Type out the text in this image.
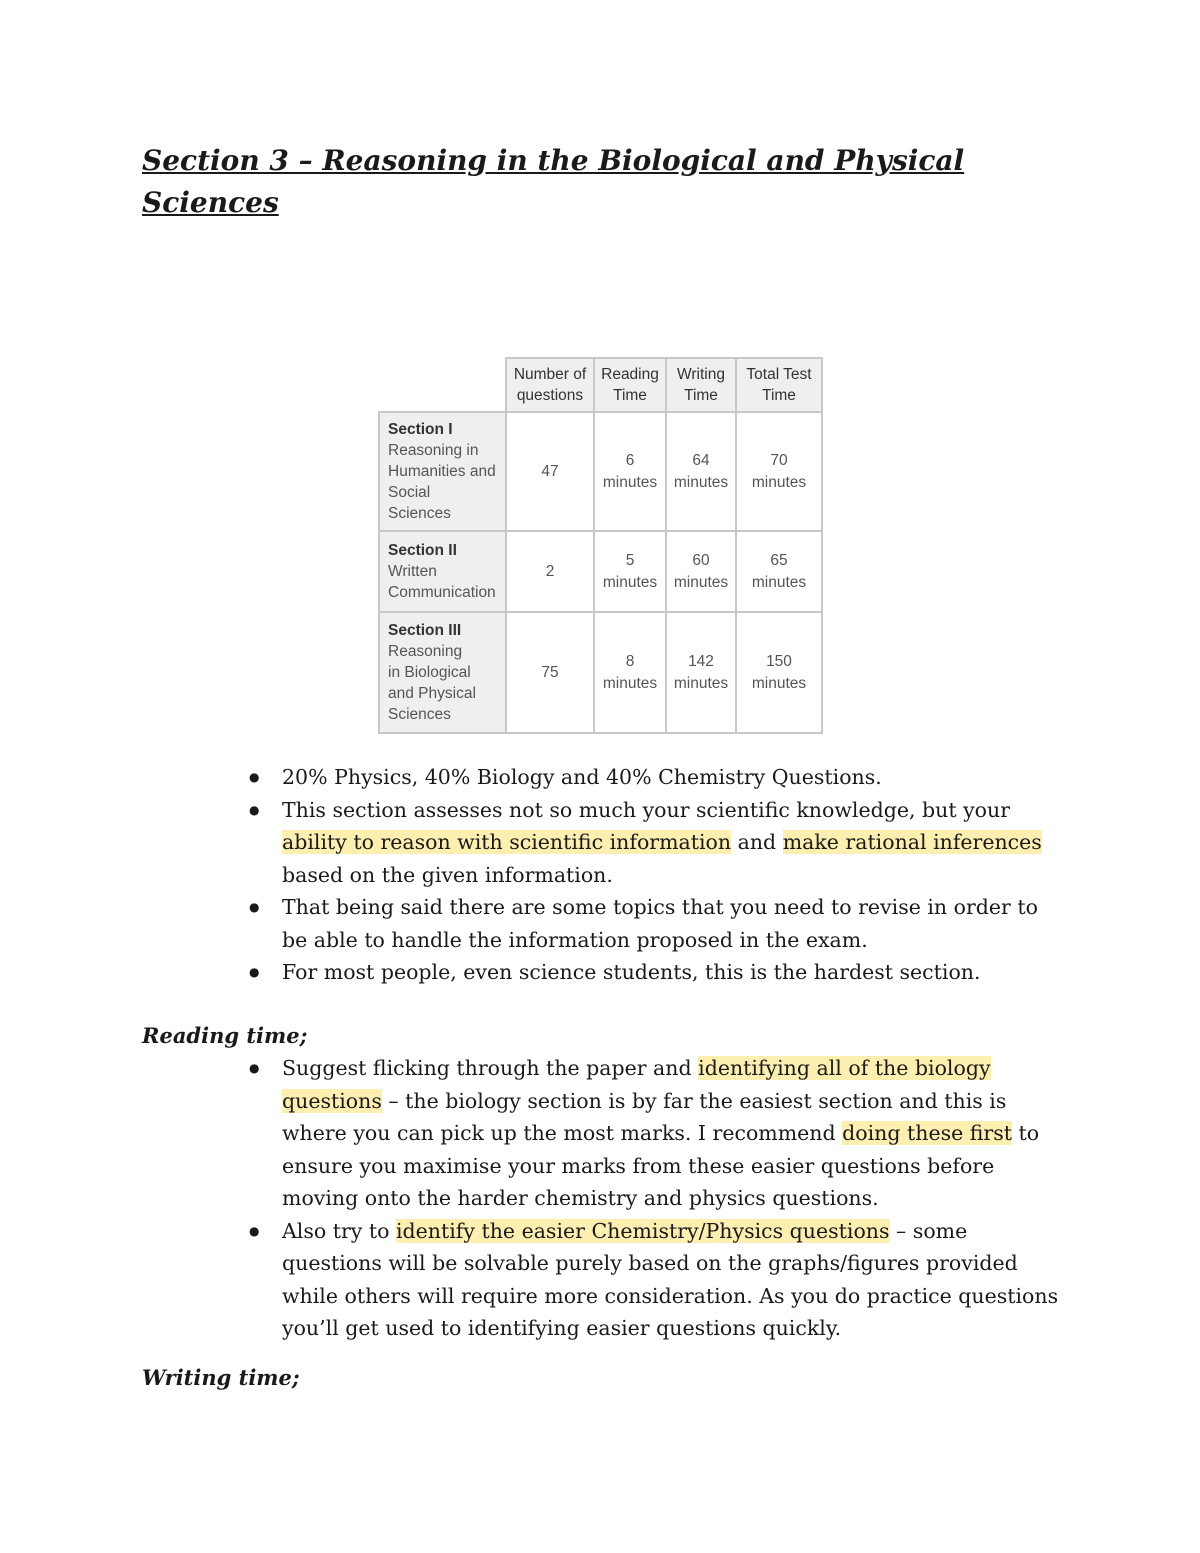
Section 3 – Reasoning in the Biological and Physical
Sciences
	Number of
questions	Reading
Time	Writing
Time	Total Test
Time

Section I
Reasoning in
Humanities and
Social Sciences	47	6
minutes	64
minutes	70
minutes

Section II
Written
Communication	2	5
minutes	60
minutes	65
minutes

Section III
Reasoning
in Biological
and Physical
Sciences	75	8
minutes	142
minutes	150
minutes
● 20% Physics, 40% Biology and 40% Chemistry Questions.
● This section assesses not so much your scientific knowledge, but your ability to reason with scientific information and make rational inferences based on the given information.
● That being said there are some topics that you need to revise in order to be able to handle the information proposed in the exam.
● For most people, even science students, this is the hardest section.
Reading time;
● Suggest flicking through the paper and identifying all of the biology questions – the biology section is by far the easiest section and this is where you can pick up the most marks. I recommend doing these first to ensure you maximise your marks from these easier questions before moving onto the harder chemistry and physics questions.
● Also try to identify the easier Chemistry/Physics questions – some questions will be solvable purely based on the graphs/figures provided while others will require more consideration. As you do practice questions you’ll get used to identifying easier questions quickly.
Writing time;
